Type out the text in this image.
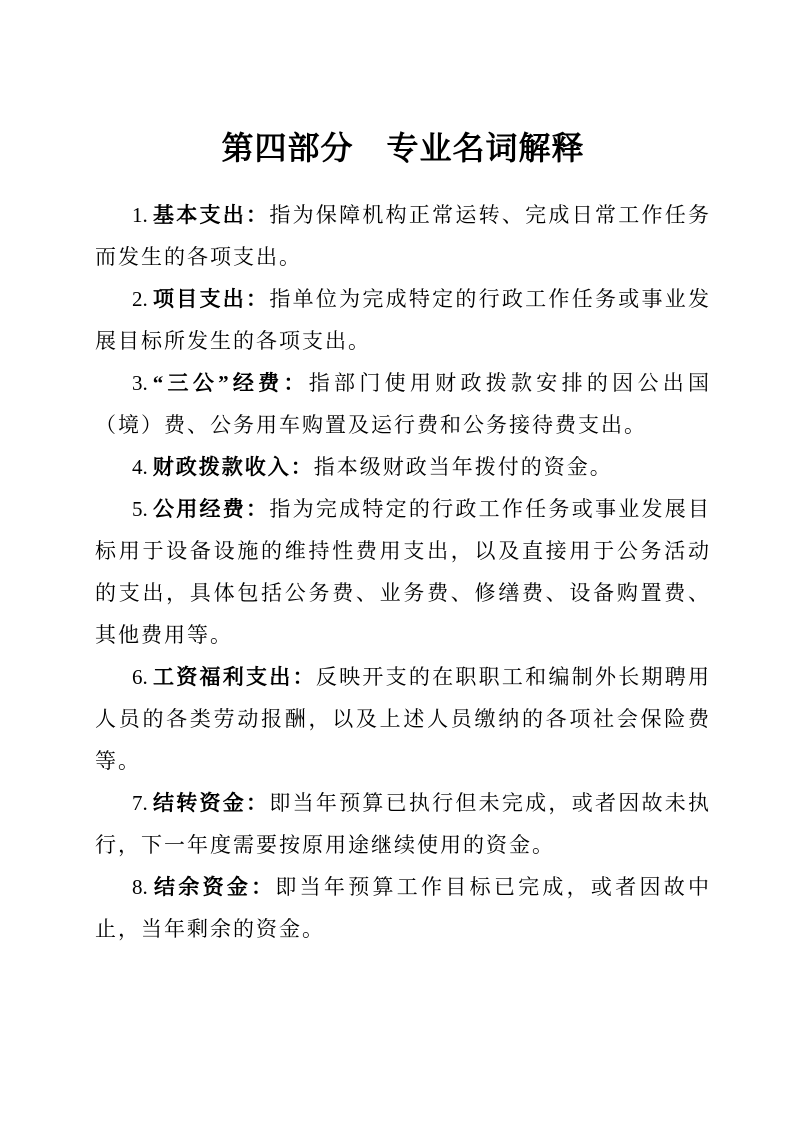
第四部分　专业名词解释

1. 基本支出：指为保障机构正常运转、完成日常工作任务而发生的各项支出。

2. 项目支出：指单位为完成特定的行政工作任务或事业发展目标所发生的各项支出。

3. “三公”经费：指部门使用财政拨款安排的因公出国（境）费、公务用车购置及运行费和公务接待费支出。

4. 财政拨款收入：指本级财政当年拨付的资金。

5. 公用经费：指为完成特定的行政工作任务或事业发展目标用于设备设施的维持性费用支出，以及直接用于公务活动的支出，具体包括公务费、业务费、修缮费、设备购置费、其他费用等。

6. 工资福利支出：反映开支的在职职工和编制外长期聘用人员的各类劳动报酬，以及上述人员缴纳的各项社会保险费等。

7. 结转资金：即当年预算已执行但未完成，或者因故未执行，下一年度需要按原用途继续使用的资金。

8. 结余资金：即当年预算工作目标已完成，或者因故中止，当年剩余的资金。
